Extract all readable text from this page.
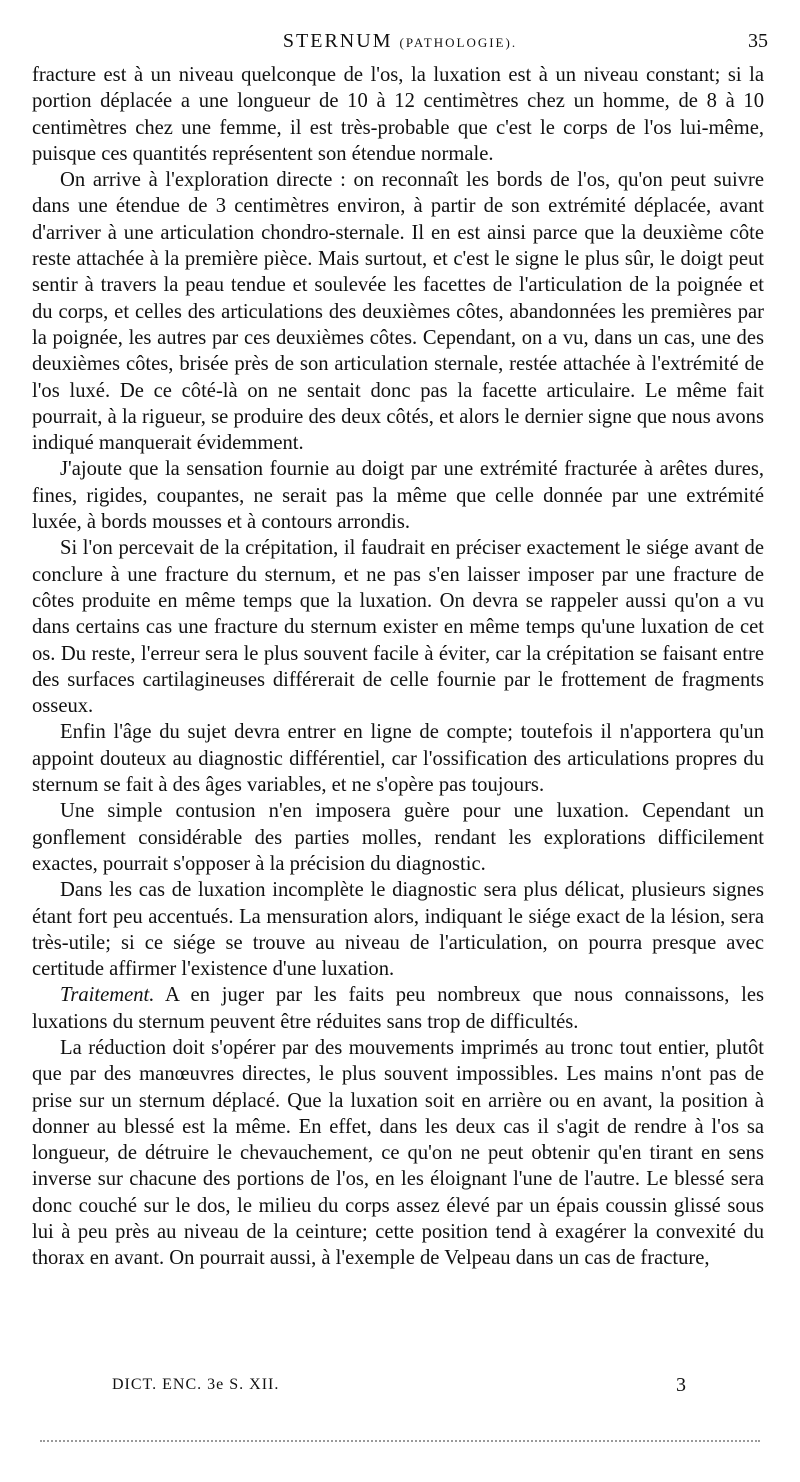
STERNUM (PATHOLOGIE).	35

fracture est à un niveau quelconque de l'os, la luxation est à un niveau constant; si la portion déplacée a une longueur de 10 à 12 centimètres chez un homme, de 8 à 10 centimètres chez une femme, il est très-probable que c'est le corps de l'os lui-même, puisque ces quantités représentent son étendue normale.

On arrive à l'exploration directe : on reconnaît les bords de l'os, qu'on peut suivre dans une étendue de 3 centimètres environ, à partir de son extrémité déplacée, avant d'arriver à une articulation chondro-sternale. Il en est ainsi parce que la deuxième côte reste attachée à la première pièce. Mais surtout, et c'est le signe le plus sûr, le doigt peut sentir à travers la peau tendue et soulevée les facettes de l'articulation de la poignée et du corps, et celles des articulations des deuxièmes côtes, abandonnées les premières par la poignée, les autres par ces deuxièmes côtes. Cependant, on a vu, dans un cas, une des deuxièmes côtes, brisée près de son articulation sternale, restée attachée à l'extrémité de l'os luxé. De ce côté-là on ne sentait donc pas la facette articulaire. Le même fait pourrait, à la rigueur, se produire des deux côtés, et alors le dernier signe que nous avons indiqué manquerait évidemment.

J'ajoute que la sensation fournie au doigt par une extrémité fracturée à arêtes dures, fines, rigides, coupantes, ne serait pas la même que celle donnée par une extrémité luxée, à bords mousses et à contours arrondis.

Si l'on percevait de la crépitation, il faudrait en préciser exactement le siége avant de conclure à une fracture du sternum, et ne pas s'en laisser imposer par une fracture de côtes produite en même temps que la luxation. On devra se rappeler aussi qu'on a vu dans certains cas une fracture du sternum exister en même temps qu'une luxation de cet os. Du reste, l'erreur sera le plus souvent facile à éviter, car la crépitation se faisant entre des surfaces cartilagineuses différerait de celle fournie par le frottement de fragments osseux.

Enfin l'âge du sujet devra entrer en ligne de compte; toutefois il n'apportera qu'un appoint douteux au diagnostic différentiel, car l'ossification des articulations propres du sternum se fait à des âges variables, et ne s'opère pas toujours.

Une simple contusion n'en imposera guère pour une luxation. Cependant un gonflement considérable des parties molles, rendant les explorations difficilement exactes, pourrait s'opposer à la précision du diagnostic.

Dans les cas de luxation incomplète le diagnostic sera plus délicat, plusieurs signes étant fort peu accentués. La mensuration alors, indiquant le siége exact de la lésion, sera très-utile; si ce siége se trouve au niveau de l'articulation, on pourra presque avec certitude affirmer l'existence d'une luxation.

Traitement. A en juger par les faits peu nombreux que nous connaissons, les luxations du sternum peuvent être réduites sans trop de difficultés.

La réduction doit s'opérer par des mouvements imprimés au tronc tout entier, plutôt que par des manœuvres directes, le plus souvent impossibles. Les mains n'ont pas de prise sur un sternum déplacé. Que la luxation soit en arrière ou en avant, la position à donner au blessé est la même. En effet, dans les deux cas il s'agit de rendre à l'os sa longueur, de détruire le chevauchement, ce qu'on ne peut obtenir qu'en tirant en sens inverse sur chacune des portions de l'os, en les éloignant l'une de l'autre. Le blessé sera donc couché sur le dos, le milieu du corps assez élevé par un épais coussin glissé sous lui à peu près au niveau de la ceinture; cette position tend à exagérer la convexité du thorax en avant. On pourrait aussi, à l'exemple de Velpeau dans un cas de fracture,

DICT. ENC. 3e S. XII.	3
